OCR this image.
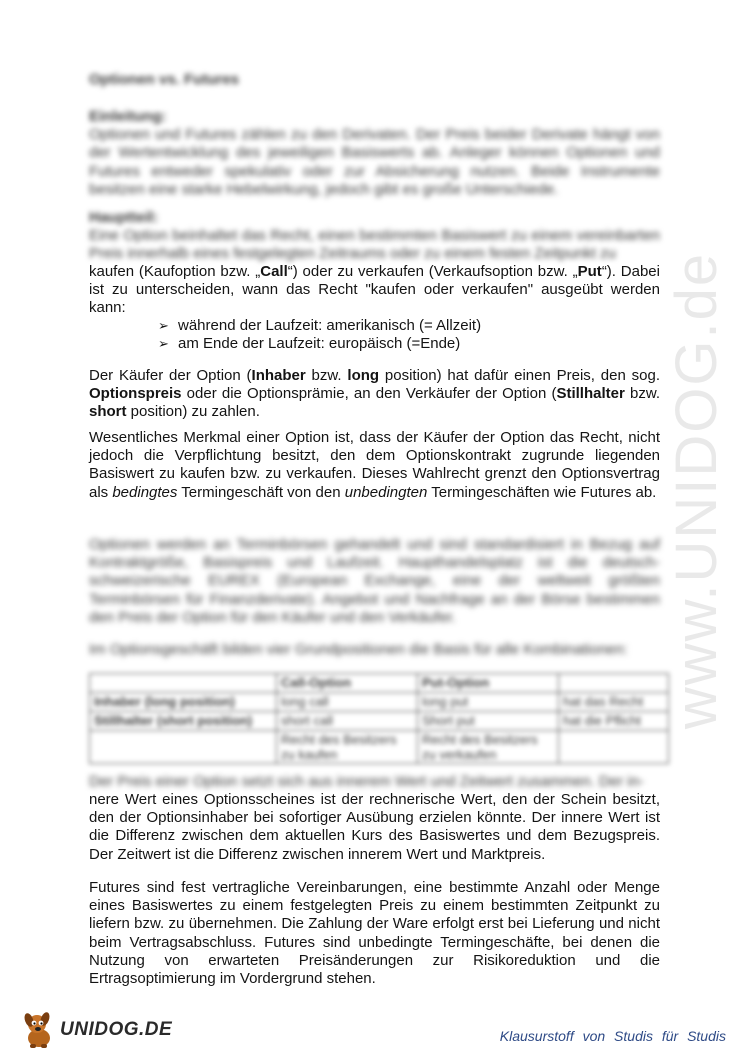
Optionen vs. Futures
Einleitung:

Optionen und Futures zählen zu den Derivaten. Der Preis beider Derivate hängt von der Wertentwicklung des jeweiligen Basiswerts ab. Anleger können Optionen und Futures entweder spekulativ oder zur Absicherung nutzen. Beide Instrumente besitzen eine starke Hebelwirkung, jedoch gibt es große Unterschiede.

Hauptteil:

Eine Option beinhaltet das Recht, einen bestimmten Basiswert zu einem vereinbarten Preis innerhalb eines festgelegten Zeitraums oder zu einem festen Zeitpunkt zu

kaufen (Kaufoption bzw. „Call“) oder zu verkaufen (Verkaufsoption bzw. „Put“). Dabei ist zu unterscheiden, wann das Recht "kaufen oder verkaufen" ausgeübt werden kann:

➢ während der Laufzeit: amerikanisch (= Allzeit)
➢ am Ende der Laufzeit: europäisch (=Ende)

Der Käufer der Option (Inhaber bzw. long position) hat dafür einen Preis, den sog. Optionspreis oder die Optionsprämie, an den Verkäufer der Option (Stillhalter bzw. short position) zu zahlen.

Wesentliches Merkmal einer Option ist, dass der Käufer der Option das Recht, nicht jedoch die Verpflichtung besitzt, den dem Optionskontrakt zugrunde liegenden Basiswert zu kaufen bzw. zu verkaufen. Dieses Wahlrecht grenzt den Optionsvertrag als bedingtes Termingeschäft von den unbedingten Termingeschäften wie Futures ab.

Optionen werden an Terminbörsen gehandelt und sind standardisiert in Bezug auf Kontraktgröße, Basispreis und Laufzeit. Haupthandelsplatz ist die deutsch-schweizerische EUREX (European Exchange, eine der weltweit größten Terminbörsen für Finanzderivate). Angebot und Nachfrage an der Börse bestimmen den Preis der Option für den Käufer und den Verkäufer.

Im Optionsgeschäft bilden vier Grundpositionen die Basis für alle Kombinationen:

	Call-Option	Put-Option	
Inhaber (long position)	long call	long put	hat das Recht
Stillhalter (short position)	short call	Short put	hat die Pflicht
	Recht des Besitzers zu kaufen	Recht des Besitzers zu verkaufen	

Der Preis einer Option setzt sich aus innerem Wert und Zeitwert zusammen. Der in-

nere Wert eines Optionsscheines ist der rechnerische Wert, den der Schein besitzt, den der Optionsinhaber bei sofortiger Ausübung erzielen könnte. Der innere Wert ist die Differenz zwischen dem aktuellen Kurs des Basiswertes und dem Bezugspreis. Der Zeitwert ist die Differenz zwischen innerem Wert und Marktpreis.

Futures sind fest vertragliche Vereinbarungen, eine bestimmte Anzahl oder Menge eines Basiswertes zu einem festgelegten Preis zu einem bestimmten Zeitpunkt zu liefern bzw. zu übernehmen. Die Zahlung der Ware erfolgt erst bei Lieferung und nicht beim Vertragsabschluss. Futures sind unbedingte Termingeschäfte, bei denen die Nutzung von erwarteten Preisänderungen zur Risikoreduktion und die Ertragsoptimierung im Vordergrund stehen.

www.UNIDOG.de
UNIDOG.DE	Klausurstoff von Studis für Studis
